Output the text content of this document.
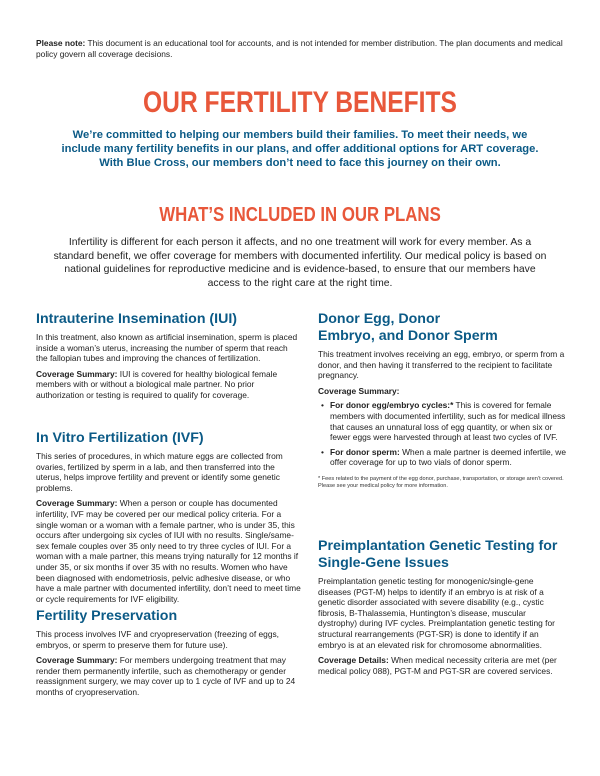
Please note: This document is an educational tool for accounts, and is not intended for member distribution. The plan documents and medical policy govern all coverage decisions.
OUR FERTILITY BENEFITS
We’re committed to helping our members build their families. To meet their needs, we include many fertility benefits in our plans, and offer additional options for ART coverage. With Blue Cross, our members don’t need to face this journey on their own.
WHAT’S INCLUDED IN OUR PLANS
Infertility is different for each person it affects, and no one treatment will work for every member. As a standard benefit, we offer coverage for members with documented infertility. Our medical policy is based on national guidelines for reproductive medicine and is evidence-based, to ensure that our members have access to the right care at the right time.
Intrauterine Insemination (IUI)

In this treatment, also known as artificial insemination, sperm is placed inside a woman’s uterus, increasing the number of sperm that reach the fallopian tubes and improving the chances of fertilization.

Coverage Summary: IUI is covered for healthy biological female members with or without a biological male partner. No prior authorization or testing is required to qualify for coverage.

In Vitro Fertilization (IVF)

This series of procedures, in which mature eggs are collected from ovaries, fertilized by sperm in a lab, and then transferred into the uterus, helps improve fertility and prevent or identify some genetic problems.

Coverage Summary: When a person or couple has documented infertility, IVF may be covered per our medical policy criteria. For a single woman or a woman with a female partner, who is under 35, this occurs after undergoing six cycles of IUI with no results. Single/same-sex female couples over 35 only need to try three cycles of IUI. For a woman with a male partner, this means trying naturally for 12 months if under 35, or six months if over 35 with no results. Women who have been diagnosed with endometriosis, pelvic adhesive disease, or who have a male partner with documented infertility, don’t need to meet time or cycle requirements for IVF eligibility.

Fertility Preservation

This process involves IVF and cryopreservation (freezing of eggs, embryos, or sperm to preserve them for future use).

Coverage Summary: For members undergoing treatment that may render them permanently infertile, such as chemotherapy or gender reassignment surgery, we may cover up to 1 cycle of IVF and up to 24 months of cryopreservation.

Donor Egg, Donor Embryo, and Donor Sperm

This treatment involves receiving an egg, embryo, or sperm from a donor, and then having it transferred to the recipient to facilitate pregnancy.

Coverage Summary:

• For donor egg/embryo cycles:* This is covered for female members with documented infertility, such as for medical illness that causes an unnatural loss of egg quantity, or when six or fewer eggs were harvested through at least two cycles of IVF.
• For donor sperm: When a male partner is deemed infertile, we offer coverage for up to two vials of donor sperm.

* Fees related to the payment of the egg donor, purchase, transportation, or storage aren’t covered. Please see your medical policy for more information.

Preimplantation Genetic Testing for Single-Gene Issues

Preimplantation genetic testing for monogenic/single-gene diseases (PGT-M) helps to identify if an embryo is at risk of a genetic disorder associated with severe disability (e.g., cystic fibrosis, B-Thalassemia, Huntington’s disease, muscular dystrophy) during IVF cycles. Preimplantation genetic testing for structural rearrangements (PGT-SR) is done to identify if an embryo is at an elevated risk for chromosome abnormalities.

Coverage Details: When medical necessity criteria are met (per medical policy 088), PGT-M and PGT-SR are covered services.
